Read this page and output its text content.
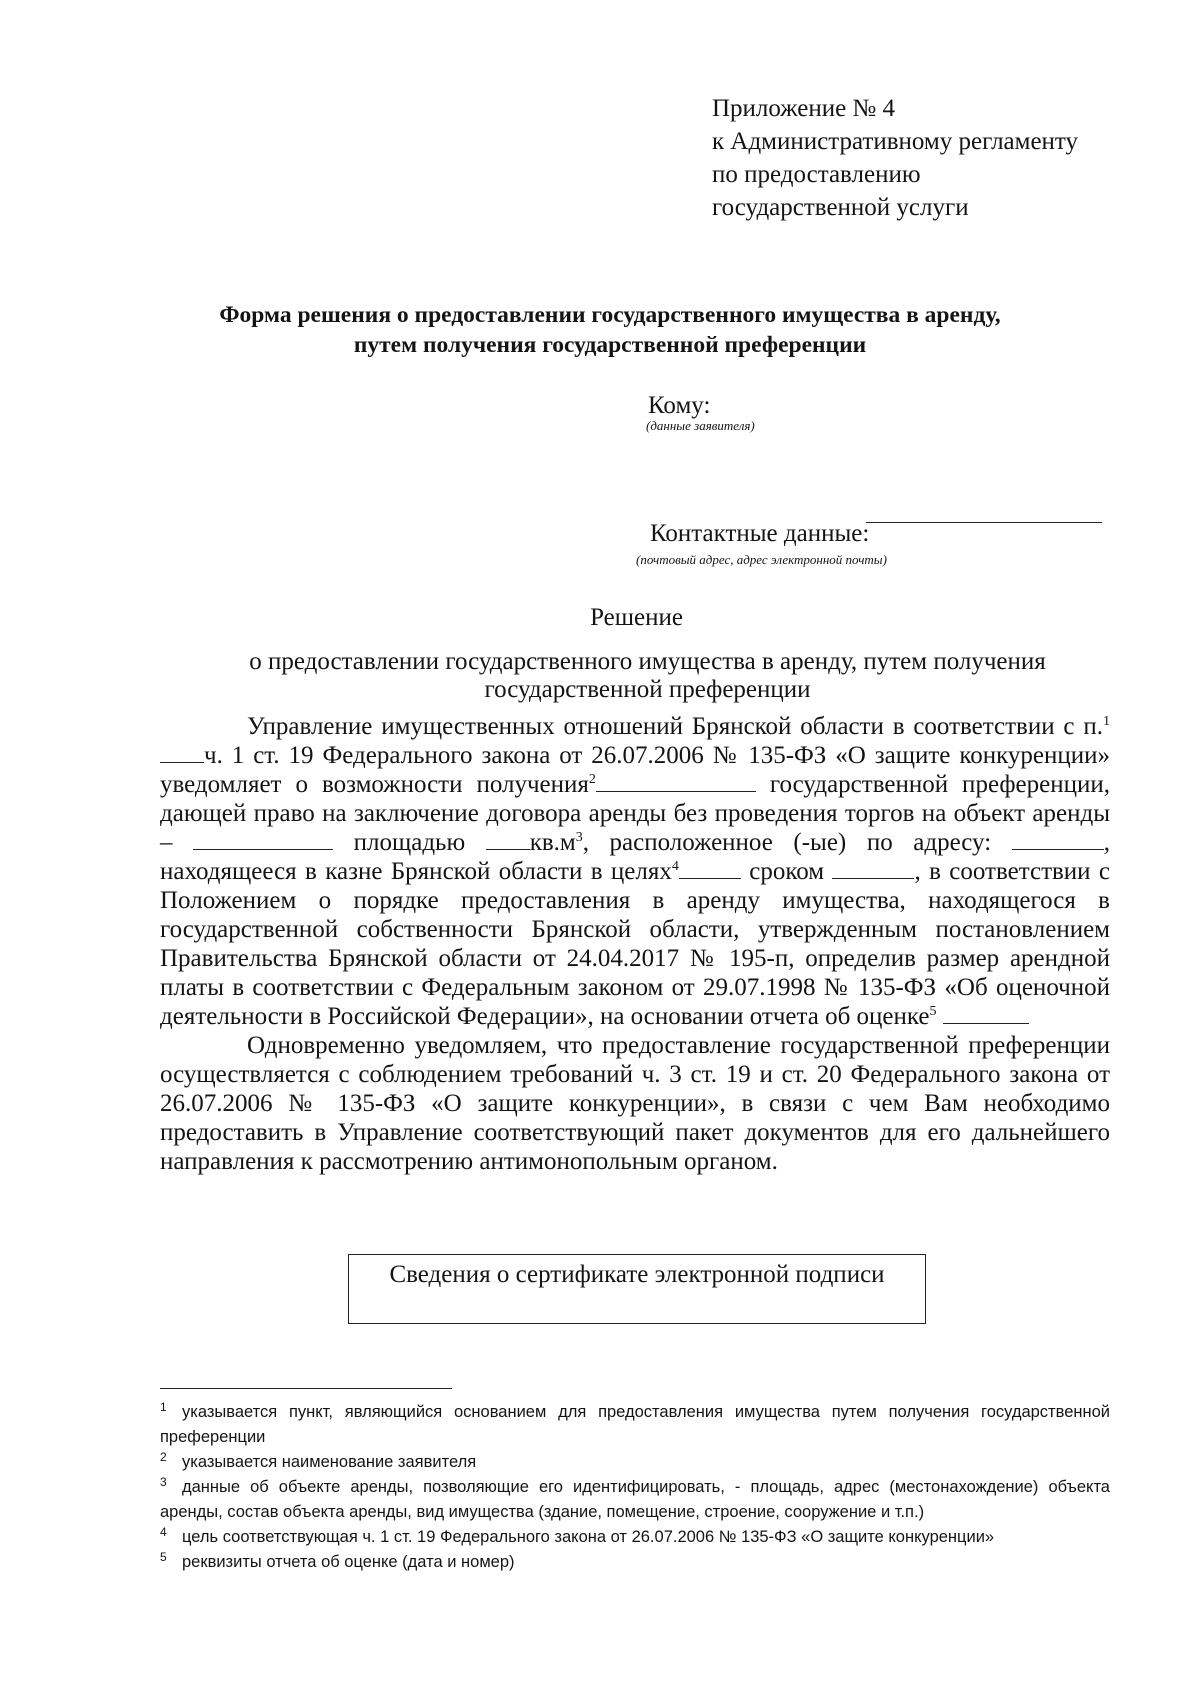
Приложение № 4
к Административному регламенту
по предоставлению
государственной услуги
Форма решения о предоставлении государственного имущества в аренду,
путем получения государственной преференции
Кому:
(данные заявителя)
Контактные данные:
(почтовый адрес, адрес электронной почты)
Решение
о предоставлении государственного имущества в аренду, путем получения
государственной преференции

Управление имущественных отношений Брянской области в соответствии с п.$^1$ч. 1 ст. 19 Федерального закона от 26.07.2006 № 135-ФЗ «О защите конкуренции» уведомляет о возможности получения$^2$	государственной преференции, дающей право на заключение договора аренды без проведения торгов на объект аренды –	площадью	$кв.м^3$, расположенное (-ые) по адресу:	, находящееся в казне Брянской области в целях$^4$	сроком	, в соответствии с Положением о порядке предоставления в аренду имущества, находящегося в государственной собственности Брянской области, утвержденным постановлением Правительства Брянской области от 24.04.2017 № 195-п, определив размер арендной платы в соответствии с Федеральным законом от 29.07.1998 № 135-ФЗ «Об оценочной деятельности в Российской Федерации», на основании отчета об оценке$^5$

Одновременно уведомляем, что предоставление государственной преференции осуществляется с соблюдением требований ч. 3 ст. 19 и ст. 20 Федерального закона от 26.07.2006 № 135-ФЗ «О защите конкуренции», в связи с чем Вам необходимо предоставить в Управление соответствующий пакет документов для его дальнейшего направления к рассмотрению антимонопольным органом.

Сведения о сертификате электронной подписи
1 указывается пункт, являющийся основанием для предоставления имущества путем получения государственной преференции
2 указывается наименование заявителя
3 данные об объекте аренды, позволяющие его идентифицировать, - площадь, адрес (местонахождение) объекта аренды, состав объекта аренды, вид имущества (здание, помещение, строение, сооружение и т.п.)
4 цель соответствующая ч. 1 ст. 19 Федерального закона от 26.07.2006 № 135-ФЗ «О защите конкуренции»
5 реквизиты отчета об оценке (дата и номер)
